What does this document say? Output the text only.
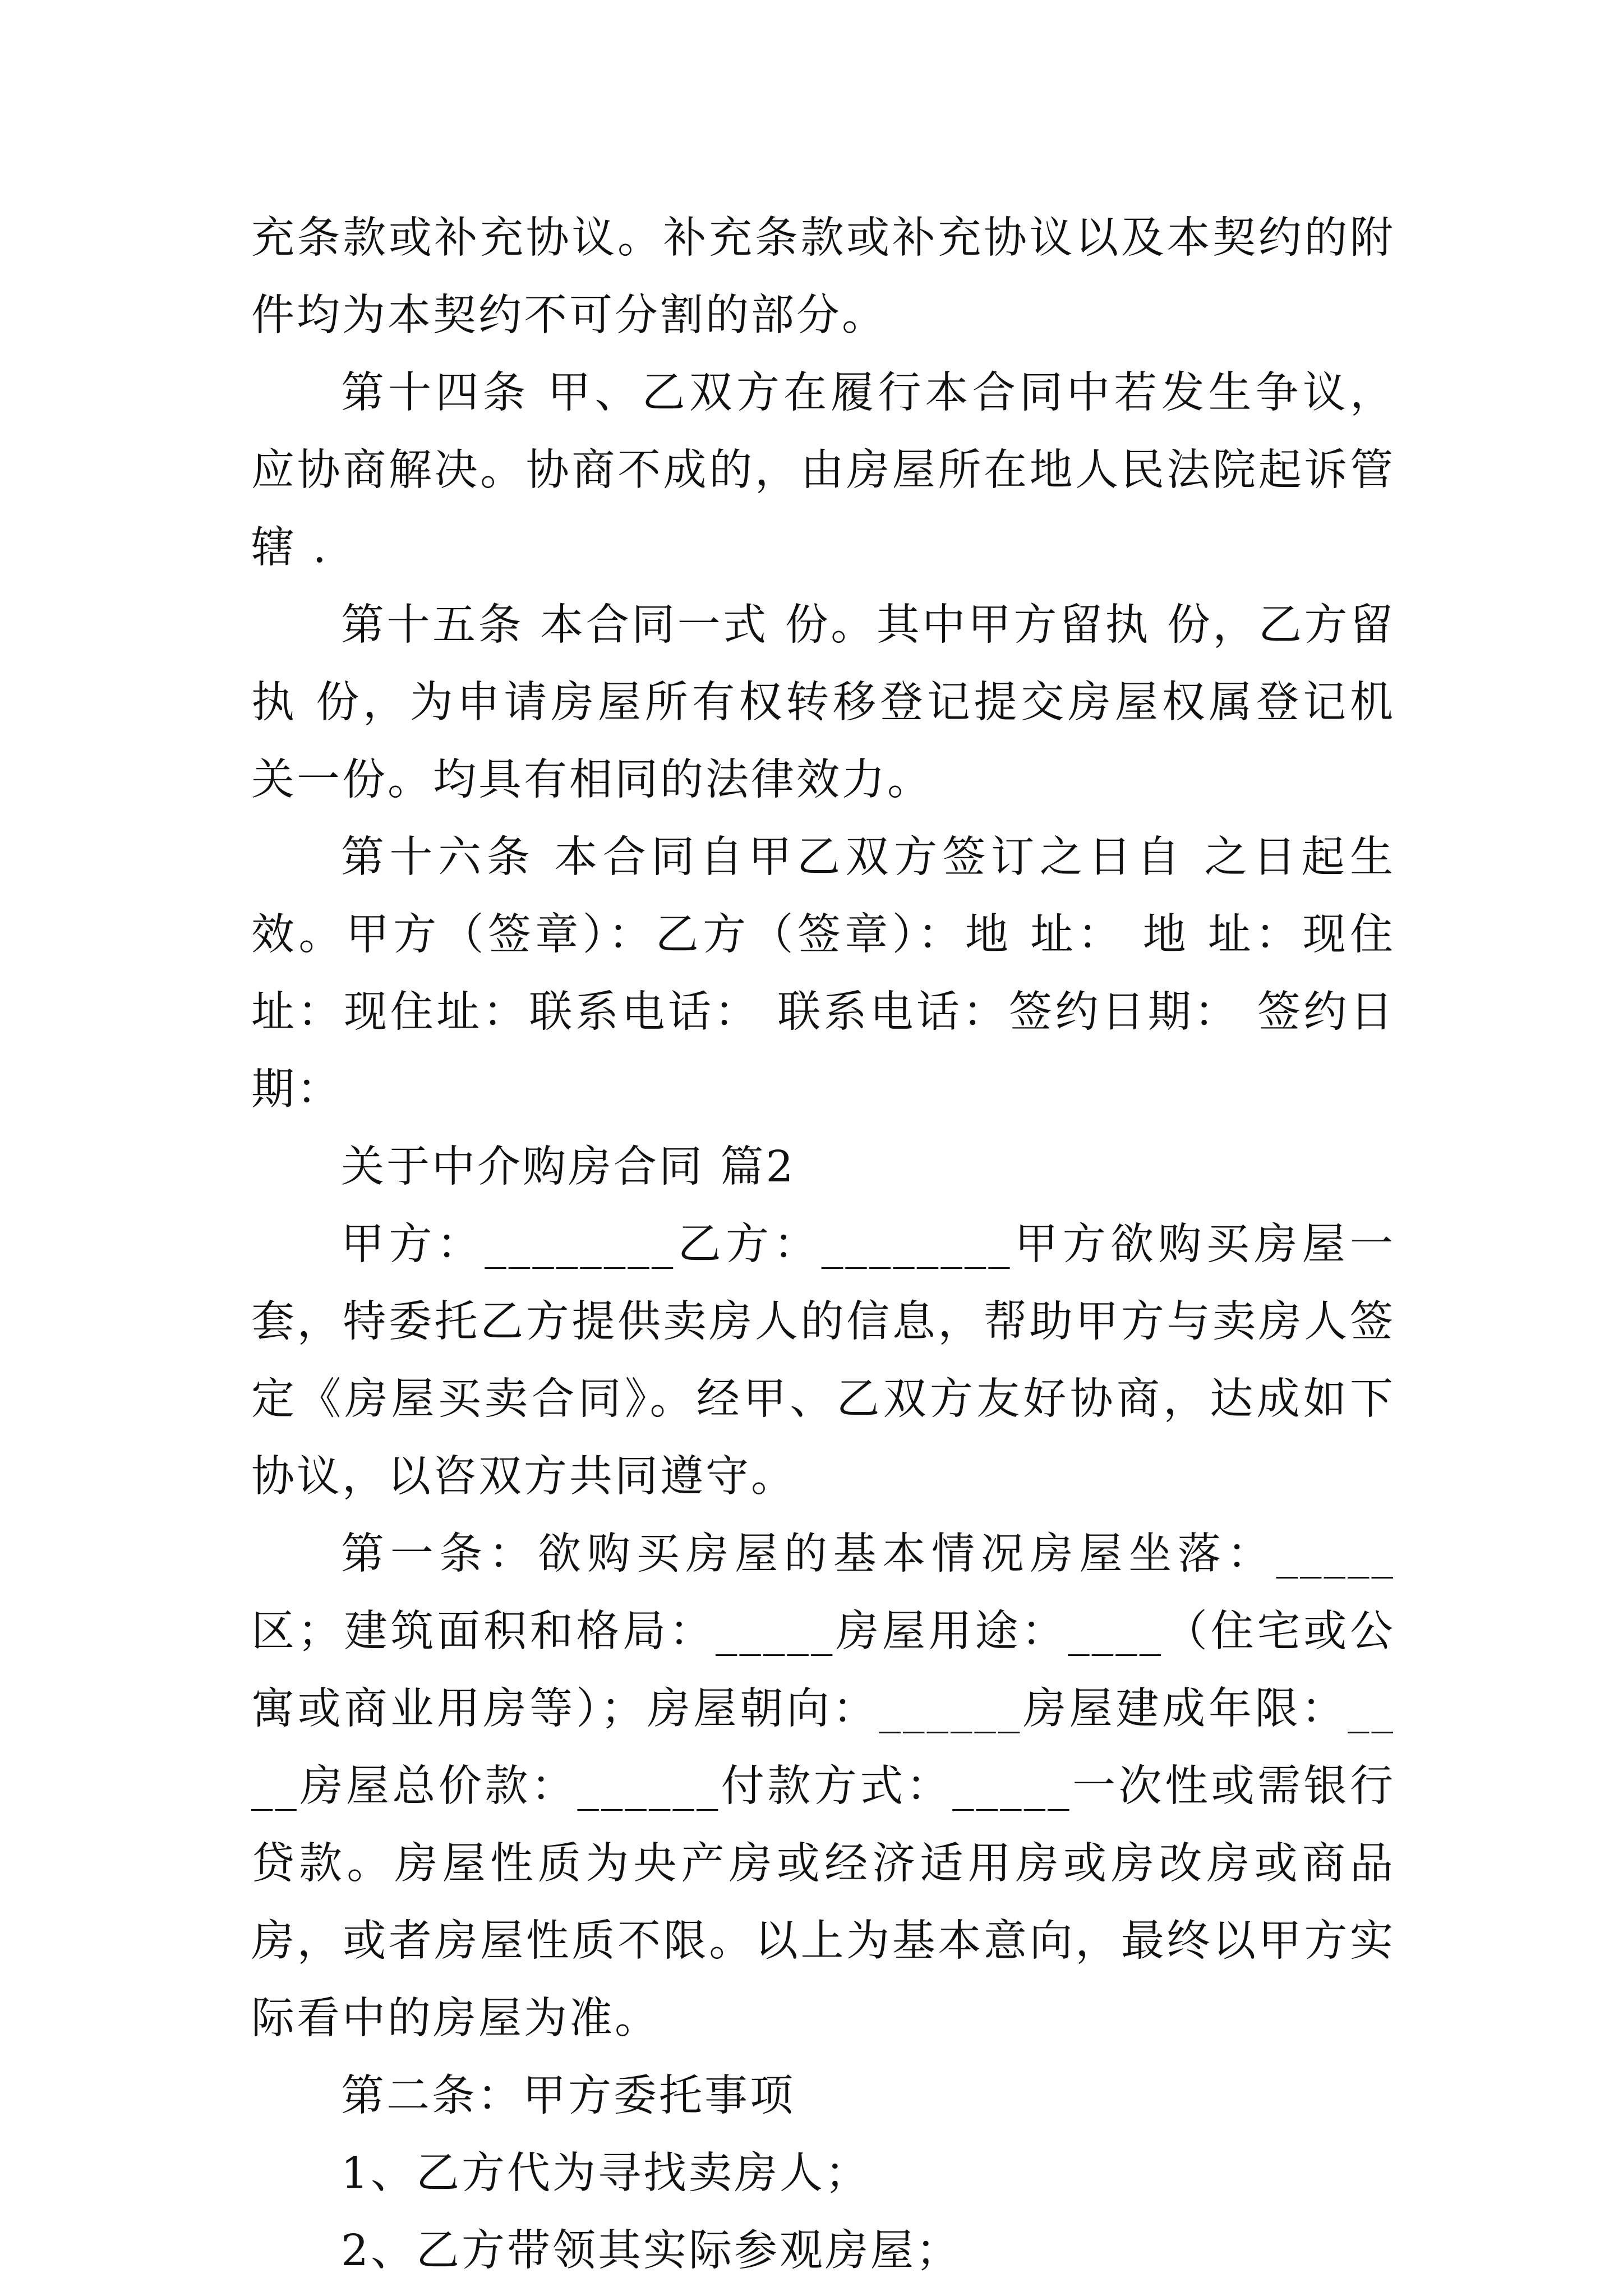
充条款或补充协议。补充条款或补充协议以及本契约的附件均为本契约不可分割的部分。

第十四条 甲、乙双方在履行本合同中若发生争议，应协商解决。协商不成的，由房屋所在地人民法院起诉管辖 .

第十五条 本合同一式 份。其中甲方留执 份，乙方留执 份，为申请房屋所有权转移登记提交房屋权属登记机关一份。均具有相同的法律效力。

第十六条 本合同自甲乙双方签订之日自 之日起生效。甲方（签章）：乙方（签章）：地 址： 地 址：现住址：现住址：联系电话： 联系电话：签约日期： 签约日期：

关于中介购房合同 篇2

甲方：________乙方：________甲方欲购买房屋一套，特委托乙方提供卖房人的信息，帮助甲方与卖房人签定《房屋买卖合同》。经甲、乙双方友好协商，达成如下协议，以咨双方共同遵守。

第一条：欲购买房屋的基本情况房屋坐落：_____区；建筑面积和格局：_____房屋用途：____（住宅或公寓或商业用房等）；房屋朝向：______房屋建成年限：____房屋总价款：______付款方式：_____一次性或需银行贷款。房屋性质为央产房或经济适用房或房改房或商品房，或者房屋性质不限。以上为基本意向，最终以甲方实际看中的房屋为准。

第二条：甲方委托事项

1、乙方代为寻找卖房人；

2、乙方带领其实际参观房屋；
